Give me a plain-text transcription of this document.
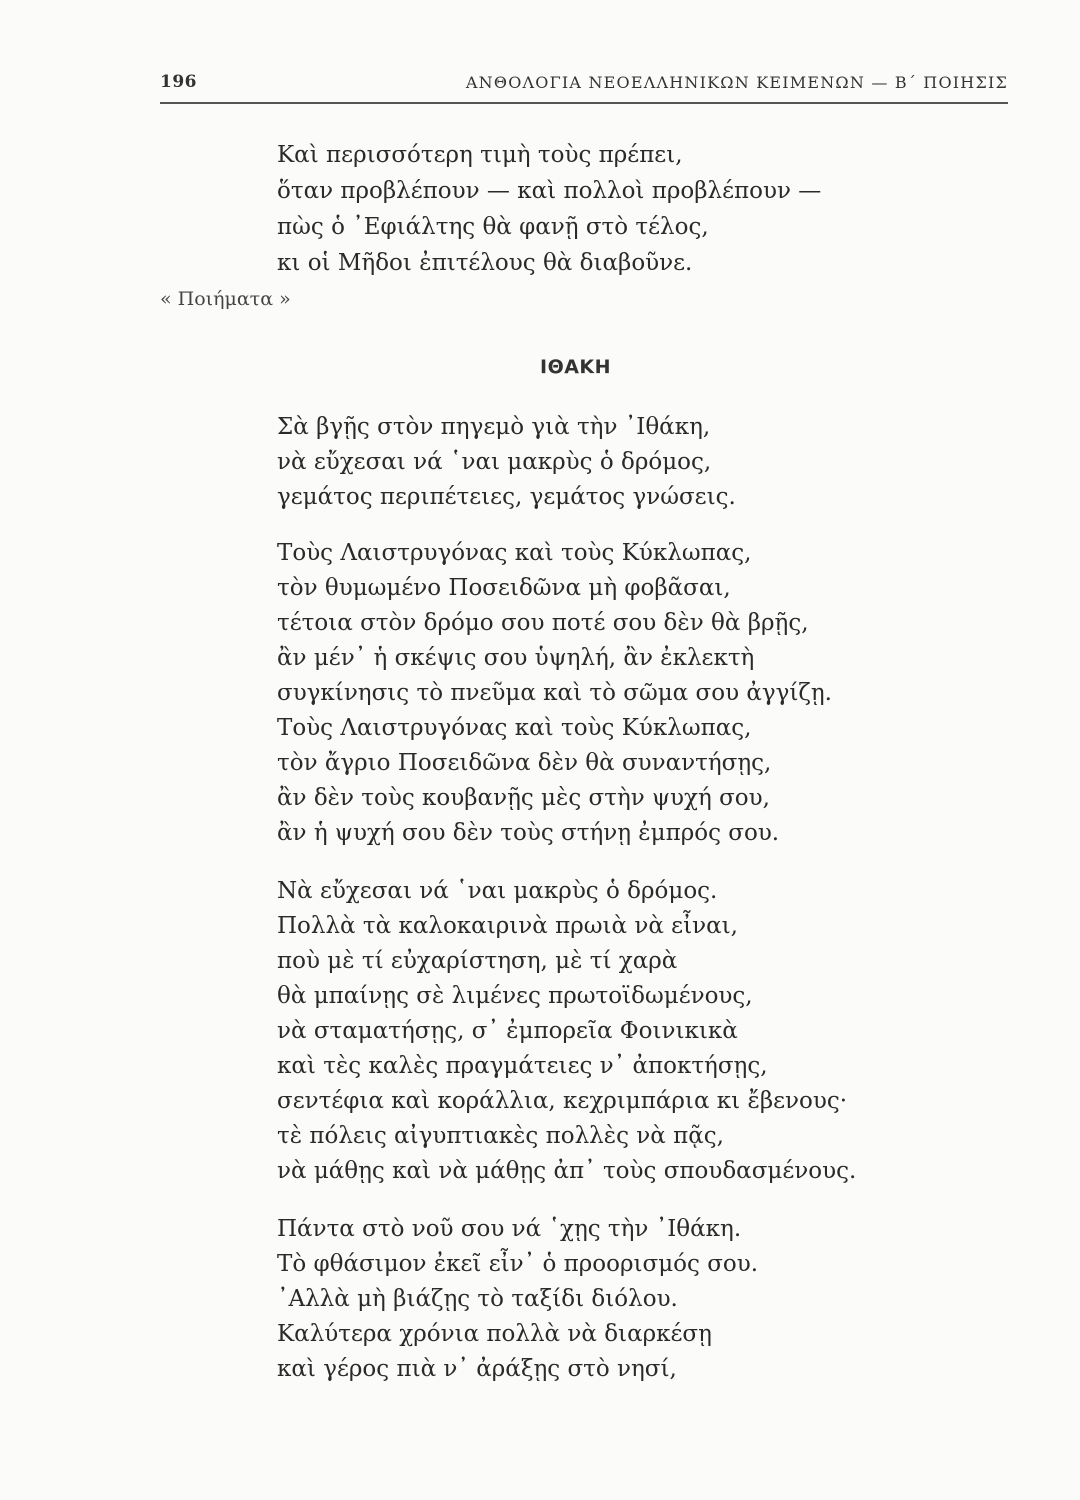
196	ΑΝΘΟΛΟΓΙΑ ΝΕΟΕΛΛΗΝΙΚΩΝ ΚΕΙΜΕΝΩΝ — Β΄ ΠΟΙΗΣΙΣ
Καὶ περισσότερη τιμὴ τοὺς πρέπει,
ὅταν προβλέπουν — καὶ πολλοὶ προβλέπουν —
πὼς ὁ ᾿Εφιάλτης θὰ φανῇ στὸ τέλος,
κι οἱ Μῆδοι ἐπιτέλους θὰ διαβοῦνε.
« Ποιήματα »
ΙΘΑΚΗ
Σὰ βγῇς στὸν πηγεμὸ γιὰ τὴν ᾿Ιθάκη,
νὰ εὔχεσαι νά ῾ναι μακρὺς ὁ δρόμος,
γεμάτος περιπέτειες, γεμάτος γνώσεις.
Τοὺς Λαιστρυγόνας καὶ τοὺς Κύκλωπας,
τὸν θυμωμένο Ποσειδῶνα μὴ φοβᾶσαι,
τέτοια στὸν δρόμο σου ποτέ σου δὲν θὰ βρῇς,
ἂν μέν᾿ ἡ σκέψις σου ὑψηλή, ἂν ἐκλεκτὴ
συγκίνησις τὸ πνεῦμα καὶ τὸ σῶμα σου ἀγγίζῃ.
Τοὺς Λαιστρυγόνας καὶ τοὺς Κύκλωπας,
τὸν ἄγριο Ποσειδῶνα δὲν θὰ συναντήσῃς,
ἂν δὲν τοὺς κουβανῇς μὲς στὴν ψυχή σου,
ἂν ἡ ψυχή σου δὲν τοὺς στήνῃ ἐμπρός σου.
Νὰ εὔχεσαι νά ῾ναι μακρὺς ὁ δρόμος.
Πολλὰ τὰ καλοκαιρινὰ πρωιὰ νὰ εἶναι,
ποὺ μὲ τί εὐχαρίστηση, μὲ τί χαρὰ
θὰ μπαίνῃς σὲ λιμένες πρωτοϊδωμένους,
νὰ σταματήσῃς, σ᾿ ἐμπορεῖα Φοινικικὰ
καὶ τὲς καλὲς πραγμάτειες ν᾿ ἀποκτήσῃς,
σεντέφια καὶ κοράλλια, κεχριμπάρια κι ἔβενους·
τὲ πόλεις αἰγυπτιακὲς πολλὲς νὰ πᾷς,
νὰ μάθῃς καὶ νὰ μάθῃς ἀπ᾿ τοὺς σπουδασμένους.
Πάντα στὸ νοῦ σου νά ῾χῃς τὴν ᾿Ιθάκη.
Τὸ φθάσιμον ἐκεῖ εἶν᾿ ὁ προορισμός σου.
᾿Αλλὰ μὴ βιάζῃς τὸ ταξίδι διόλου.
Καλύτερα χρόνια πολλὰ νὰ διαρκέσῃ
καὶ γέρος πιὰ ν᾿ ἀράξῃς στὸ νησί,
